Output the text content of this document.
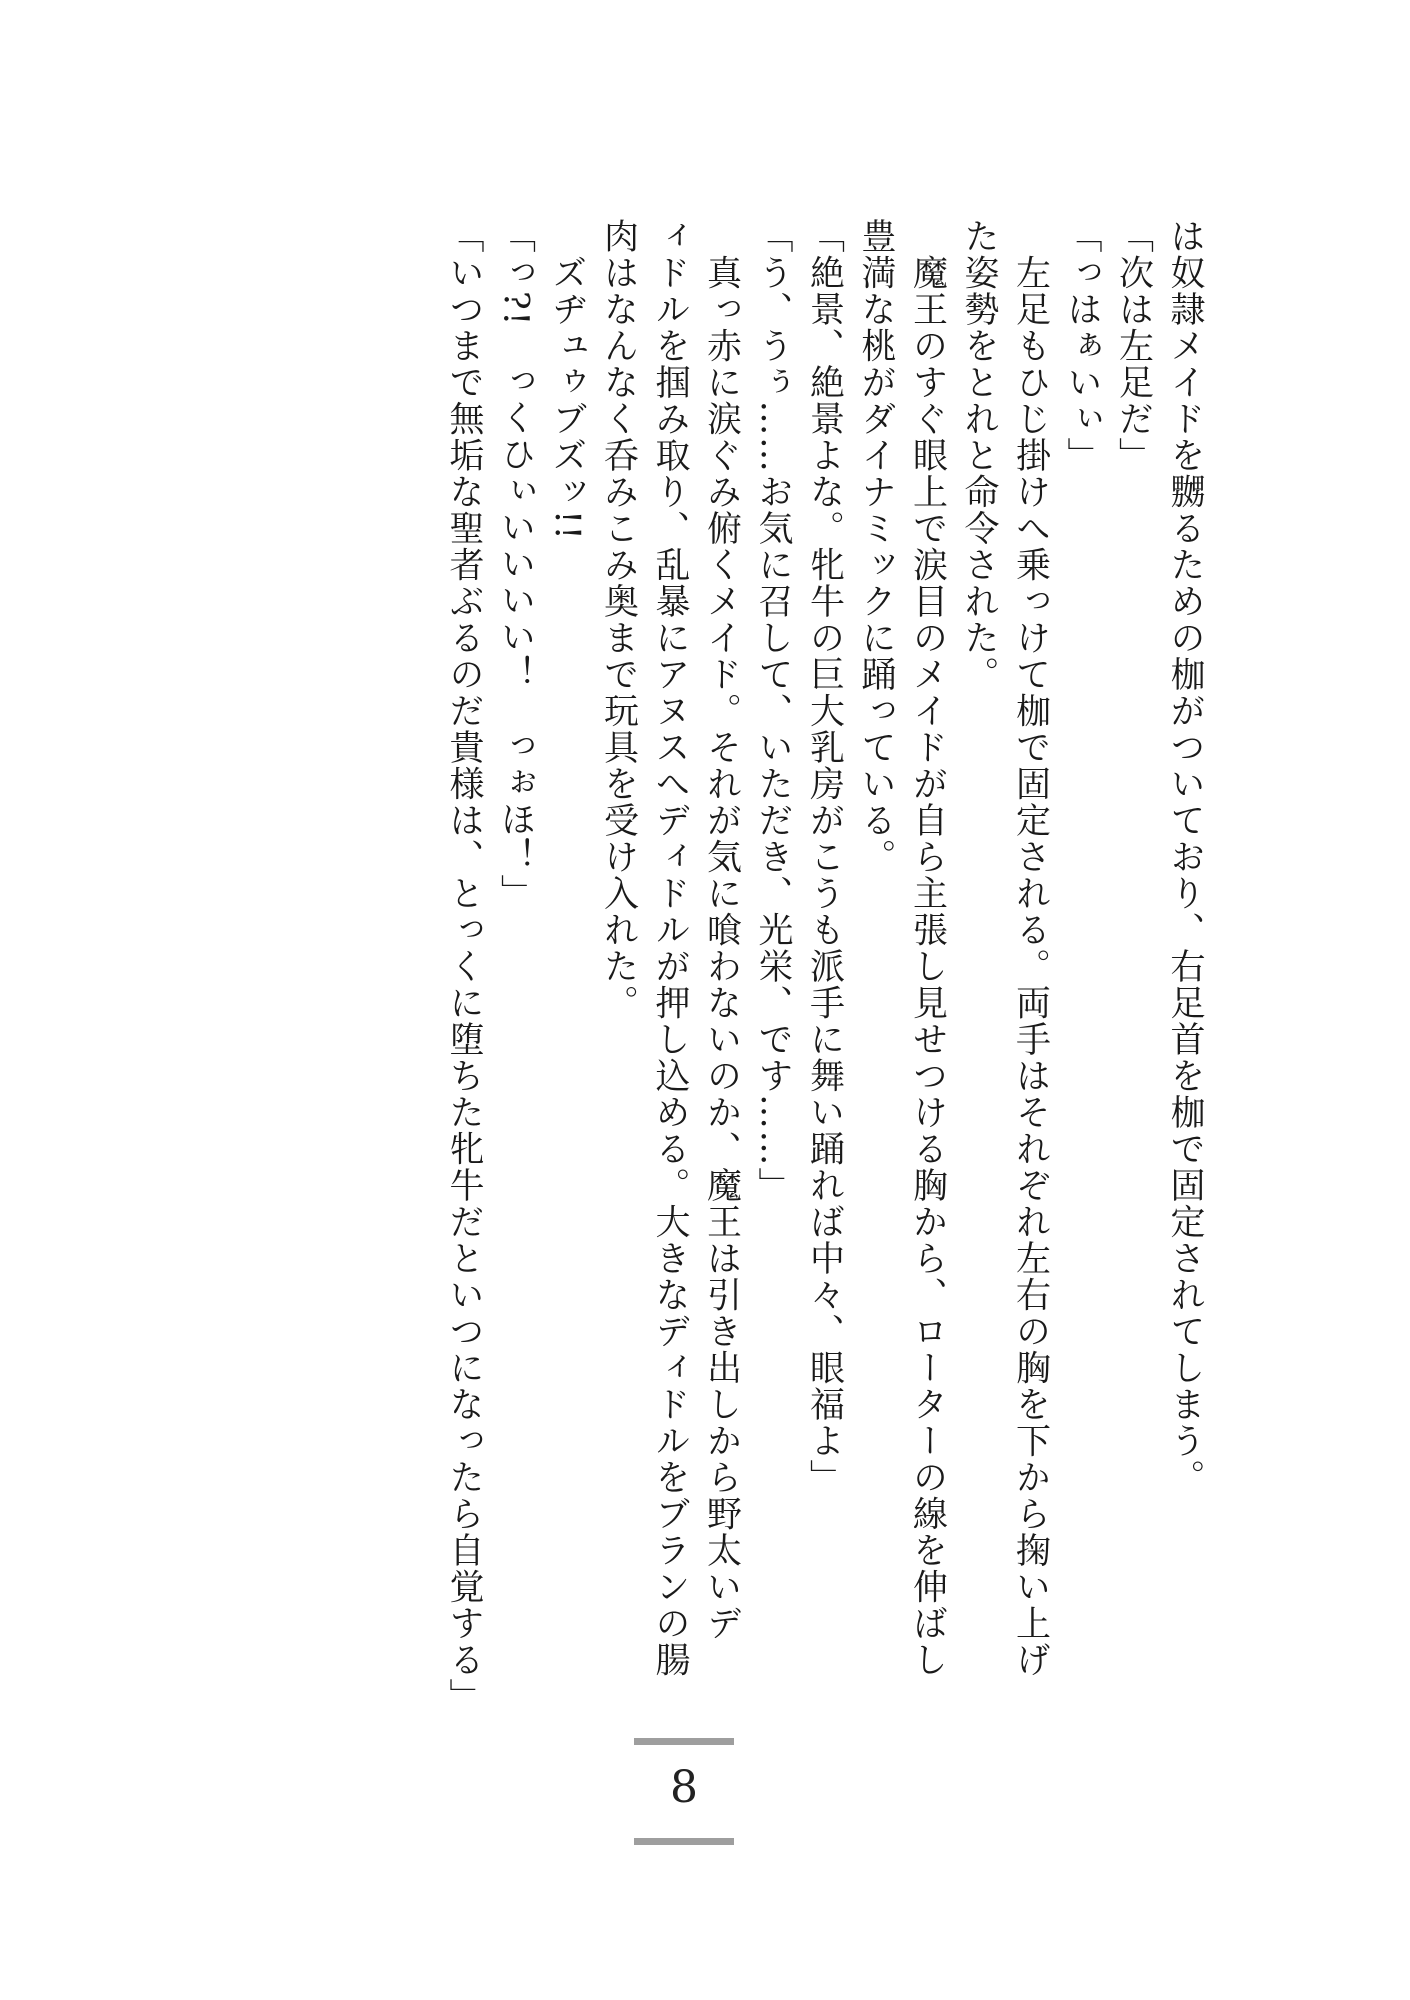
は奴隷メイドを嬲るための枷がついており、右足首を枷で固定されてしまう。

「次は左足だ」

「っはぁいぃ」

　左足もひじ掛けへ乗っけて枷で固定される。両手はそれぞれ左右の胸を下から掬い上げ

た姿勢をとれと命令された。

　魔王のすぐ眼上で涙目のメイドが自ら主張し見せつける胸から、ローターの線を伸ばし

豊満な桃がダイナミックに踊っている。

「絶景、絶景よな。牝牛の巨大乳房がこうも派手に舞い踊れば中々、眼福よ」

「う、うぅ……お気に召して、いただき、光栄、です……」

　真っ赤に涙ぐみ俯くメイド。それが気に喰わないのか、魔王は引き出しから野太いデ

ィドルを掴み取り、乱暴にアヌスへディドルが押し込める。大きなディドルをブランの腸

肉はなんなく呑みこみ奥まで玩具を受け入れた。

　ズヂュゥブズッ!!

「っ?!　っくひぃいいいい！　っぉほ！」

「いつまで無垢な聖者ぶるのだ貴様は、とっくに堕ちた牝牛だといつになったら自覚する」

8
